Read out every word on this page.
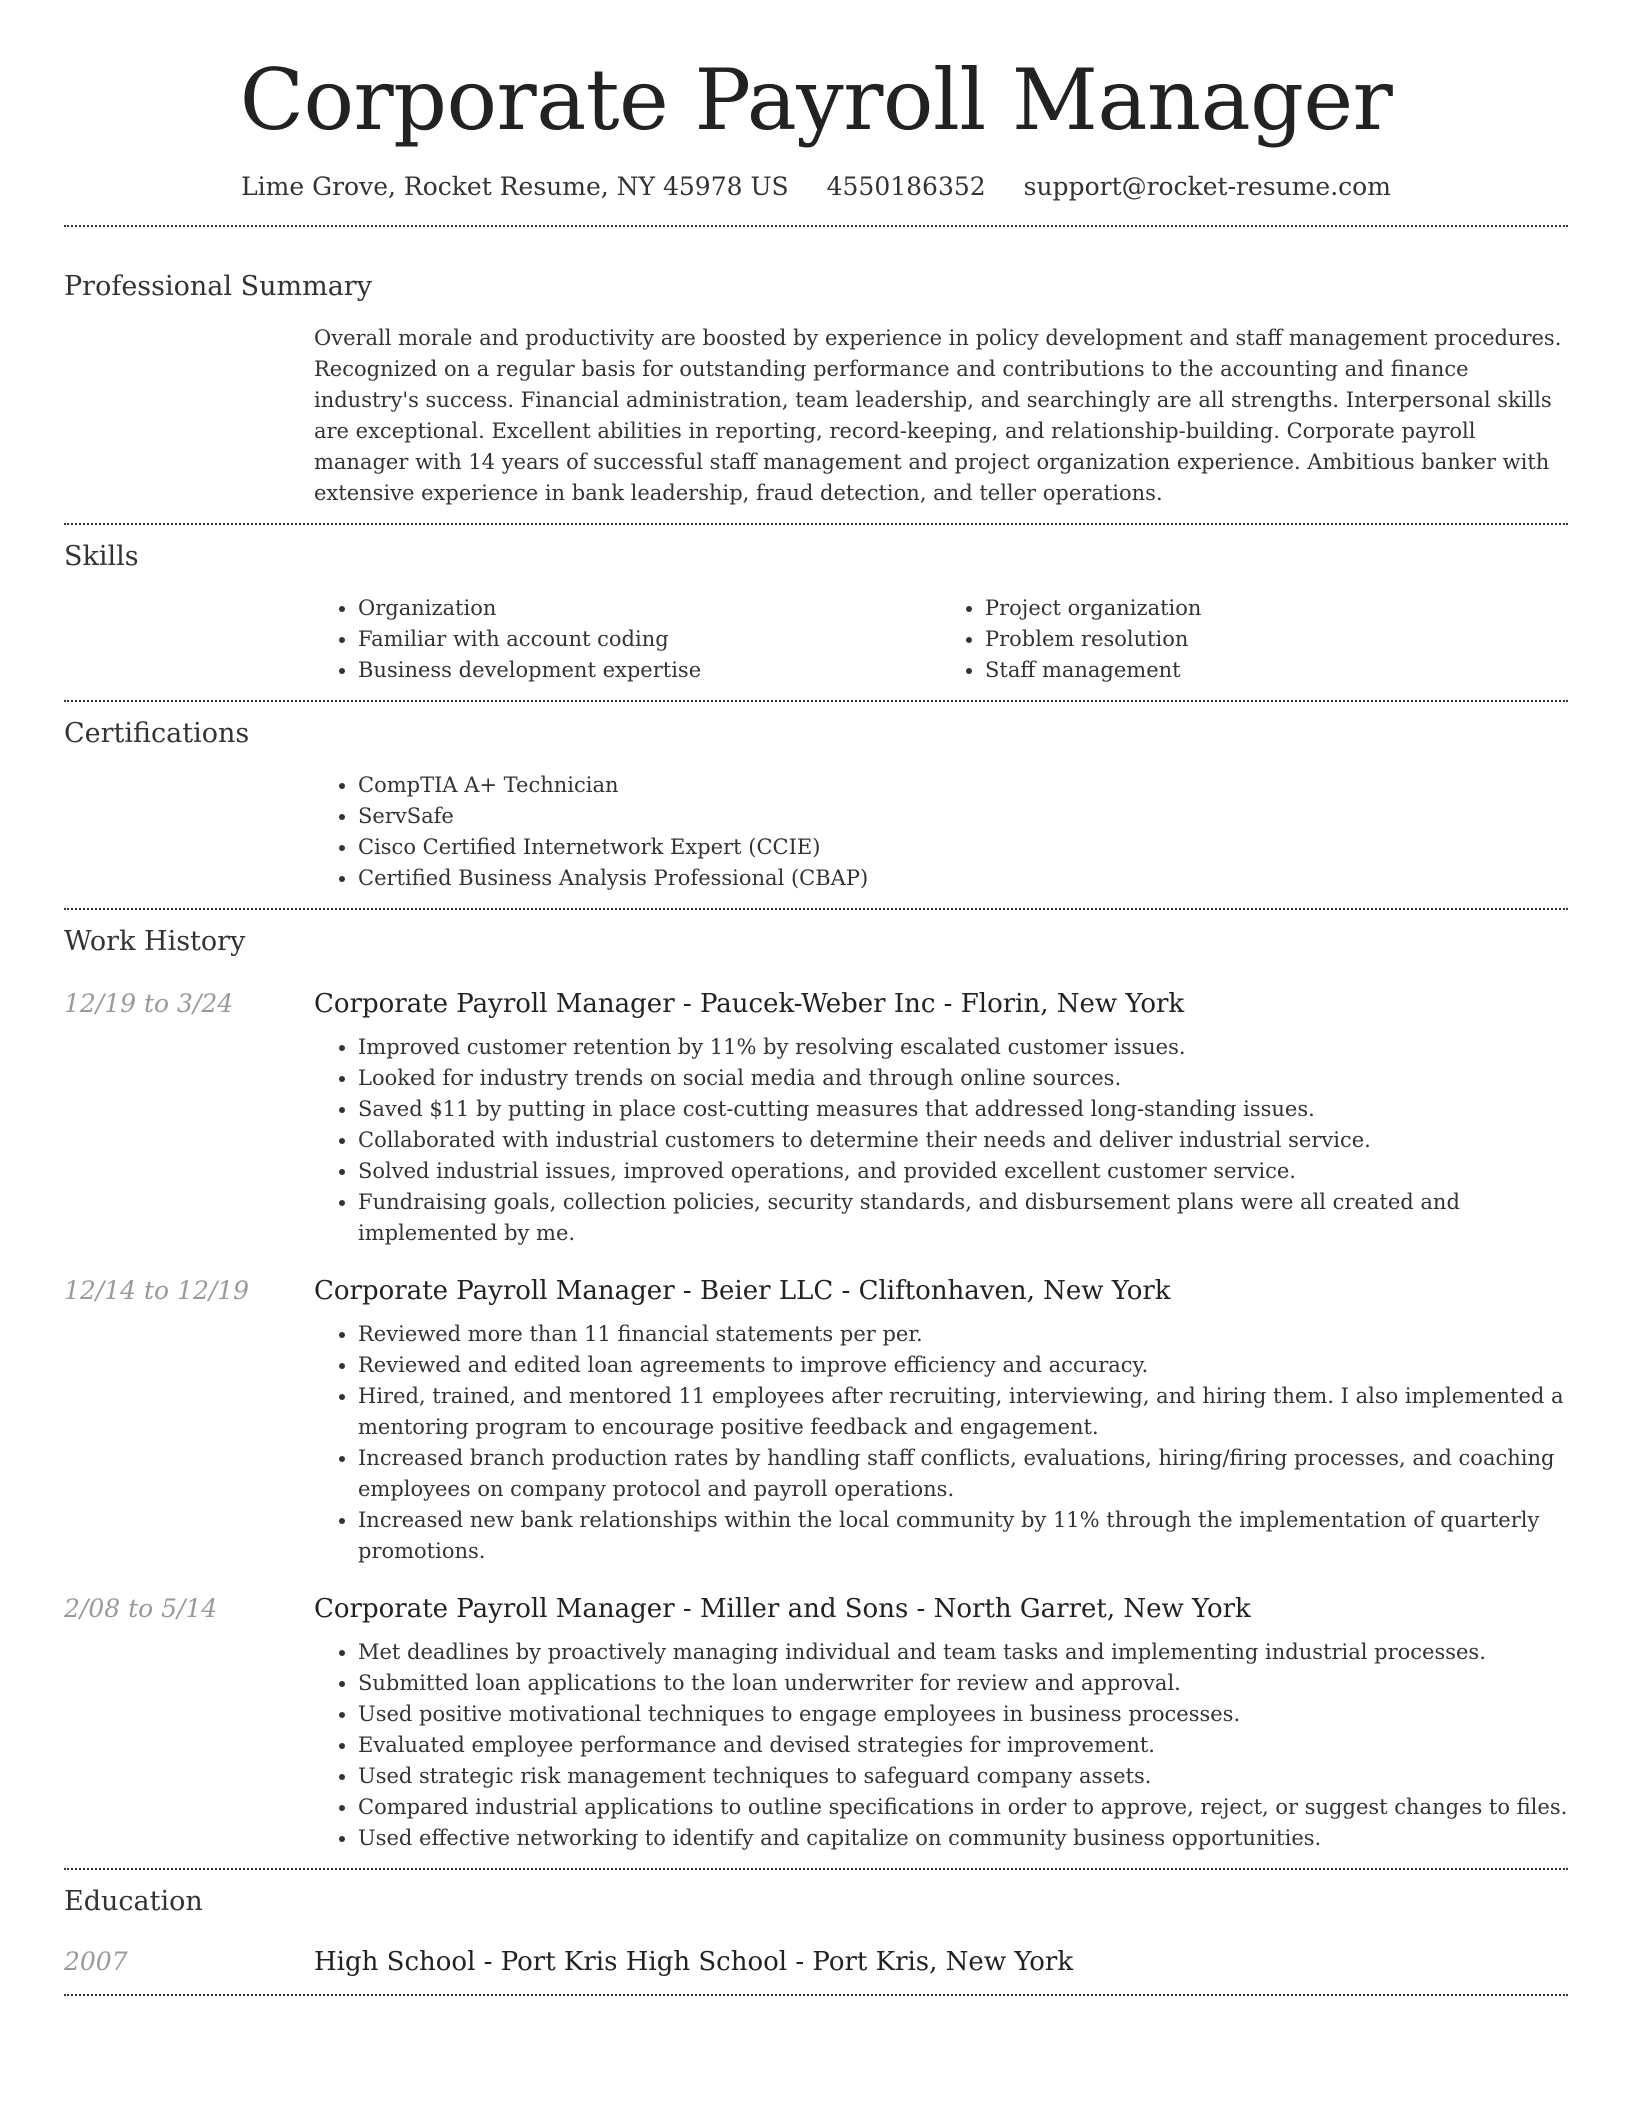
Corporate Payroll Manager
Lime Grove, Rocket Resume, NY 45978 US 4550186352 support@rocket-resume.com
Professional Summary
Overall morale and productivity are boosted by experience in policy development and staff management procedures. Recognized on a regular basis for outstanding performance and contributions to the accounting and finance industry's success. Financial administration, team leadership, and searchingly are all strengths. Interpersonal skills are exceptional. Excellent abilities in reporting, record-keeping, and relationship-building. Corporate payroll manager with 14 years of successful staff management and project organization experience. Ambitious banker with extensive experience in bank leadership, fraud detection, and teller operations.
Skills
• Organization
• Familiar with account coding
• Business development expertise
• Project organization
• Problem resolution
• Staff management
Certifications
• CompTIA A+ Technician
• ServSafe
• Cisco Certified Internetwork Expert (CCIE)
• Certified Business Analysis Professional (CBAP)
Work History
12/19 to 3/24	Corporate Payroll Manager - Paucek-Weber Inc - Florin, New York
• Improved customer retention by 11% by resolving escalated customer issues.
• Looked for industry trends on social media and through online sources.
• Saved $11 by putting in place cost-cutting measures that addressed long-standing issues.
• Collaborated with industrial customers to determine their needs and deliver industrial service.
• Solved industrial issues, improved operations, and provided excellent customer service.
• Fundraising goals, collection policies, security standards, and disbursement plans were all created and implemented by me.
12/14 to 12/19	Corporate Payroll Manager - Beier LLC - Cliftonhaven, New York
• Reviewed more than 11 financial statements per per.
• Reviewed and edited loan agreements to improve efficiency and accuracy.
• Hired, trained, and mentored 11 employees after recruiting, interviewing, and hiring them. I also implemented a mentoring program to encourage positive feedback and engagement.
• Increased branch production rates by handling staff conflicts, evaluations, hiring/firing processes, and coaching employees on company protocol and payroll operations.
• Increased new bank relationships within the local community by 11% through the implementation of quarterly promotions.
2/08 to 5/14	Corporate Payroll Manager - Miller and Sons - North Garret, New York
• Met deadlines by proactively managing individual and team tasks and implementing industrial processes.
• Submitted loan applications to the loan underwriter for review and approval.
• Used positive motivational techniques to engage employees in business processes.
• Evaluated employee performance and devised strategies for improvement.
• Used strategic risk management techniques to safeguard company assets.
• Compared industrial applications to outline specifications in order to approve, reject, or suggest changes to files.
• Used effective networking to identify and capitalize on community business opportunities.
Education
2007	High School - Port Kris High School - Port Kris, New York
